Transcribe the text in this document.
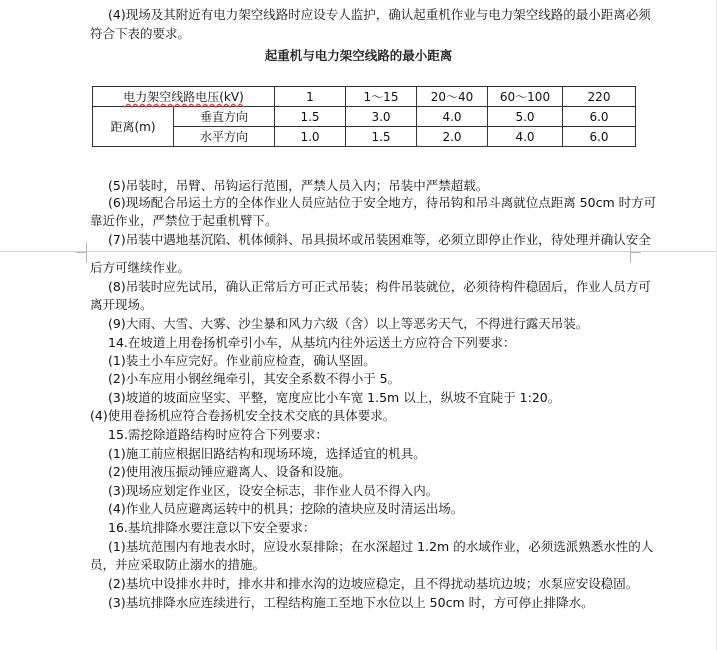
(4)现场及其附近有电力架空线路时应设专人监护，确认起重机作业与电力架空线路的最小距离必须
符合下表的要求。
起重机与电力架空线路的最小距离
电力架空线路电压(kV)		1	1～15	20～40	60～100	220
距离(m)	垂直方向	1.5	3.0	4.0	5.0	6.0
	水平方向	1.0	1.5	2.0	4.0	6.0
(5)吊装时，吊臂、吊钩运行范围，严禁人员入内；吊装中严禁超载。
(6)现场配合吊运土方的全体作业人员应站位于安全地方，待吊钩和吊斗离就位点距离 50cm 时方可
靠近作业，严禁位于起重机臂下。
(7)吊装中遇地基沉陷、机体倾斜、吊具损坏或吊装困难等，必须立即停止作业，待处理并确认安全
后方可继续作业。
(8)吊装时应先试吊，确认正常后方可正式吊装；构件吊装就位，必须待构件稳固后，作业人员方可
离开现场。
(9)大雨、大雪、大雾、沙尘暴和风力六级（含）以上等恶劣天气，不得进行露天吊装。
14.在坡道上用卷扬机牵引小车，从基坑内往外运送土方应符合下列要求：
(1)装土小车应完好。作业前应检查，确认坚固。
(2)小车应用小钢丝绳牵引，其安全系数不得小于 5。
(3)坡道的坡面应坚实、平整，宽度应比小车宽 1.5m 以上，纵坡不宜陡于 1:20。
(4)使用卷扬机应符合卷扬机安全技术交底的具体要求。
15.需挖除道路结构时应符合下列要求：
(1)施工前应根据旧路结构和现场环境，选择适宜的机具。
(2)使用液压振动锤应避离人、设备和设施。
(3)现场应划定作业区，设安全标志，非作业人员不得入内。
(4)作业人员应避离运转中的机具；挖除的渣块应及时清运出场。
16.基坑排降水要注意以下安全要求：
(1)基坑范围内有地表水时，应设水泵排除；在水深超过 1.2m 的水域作业，必须选派熟悉水性的人
员，并应采取防止溺水的措施。
(2)基坑中设排水井时，排水井和排水沟的边坡应稳定，且不得扰动基坑边坡；水泵应安设稳固。
(3)基坑排降水应连续进行，工程结构施工至地下水位以上 50cm 时，方可停止排降水。
